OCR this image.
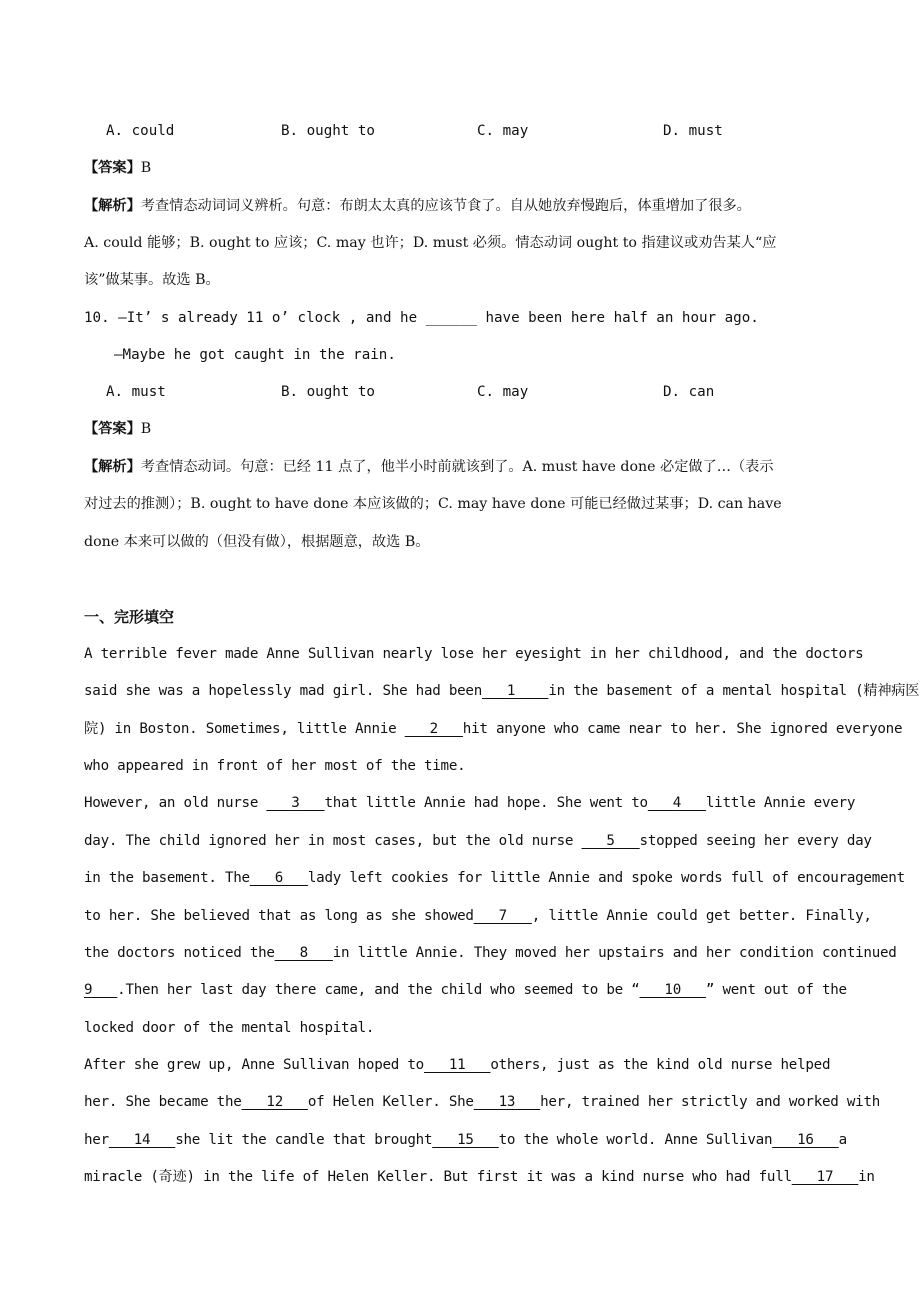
A. could	B. ought to	C. may	D. must
【答案】B
【解析】考查情态动词词义辨析。句意：布朗太太真的应该节食了。自从她放弃慢跑后，体重增加了很多。
A. could 能够；B. ought to 应该；C. may 也许；D. must 必须。情态动词 ought to 指建议或劝告某人“应
该”做某事。故选 B。
10. —It’ s already 11 o’ clock , and he ______ have been here half an hour ago.
—Maybe he got caught in the rain.
A. must	B. ought to	C. may	D. can
【答案】B
【解析】考查情态动词。句意：已经 11 点了，他半小时前就该到了。A. must have done 必定做了…（表示
对过去的推测）；B. ought to have done 本应该做的；C. may have done 可能已经做过某事；D. can have
done 本来可以做的（但没有做），根据题意，故选 B。
一、完形填空
A terrible fever made Anne Sullivan nearly lose her eyesight in her childhood, and the doctors
said she was a hopelessly mad girl. She had been___1____in the basement of a mental hospital (精神病医
院) in Boston. Sometimes, little Annie ___2___hit anyone who came near to her. She ignored everyone
who appeared in front of her most of the time.
However, an old nurse ___3___that little Annie had hope. She went to___4___little Annie every
day. The child ignored her in most cases, but the old nurse ___5___stopped seeing her every day
in the basement. The___6___lady left cookies for little Annie and spoke words full of encouragement
to her. She believed that as long as she showed___7___, little Annie could get better. Finally,
the doctors noticed the___8___in little Annie. They moved her upstairs and her condition continued
9___.Then her last day there came, and the child who seemed to be “___10___” went out of the
locked door of the mental hospital.
After she grew up, Anne Sullivan hoped to___11___others, just as the kind old nurse helped
her. She became the___12___of Helen Keller. She___13___her, trained her strictly and worked with
her___14___she lit the candle that brought___15___to the whole world. Anne Sullivan___16___a
miracle (奇迹) in the life of Helen Keller. But first it was a kind nurse who had full___17___in
